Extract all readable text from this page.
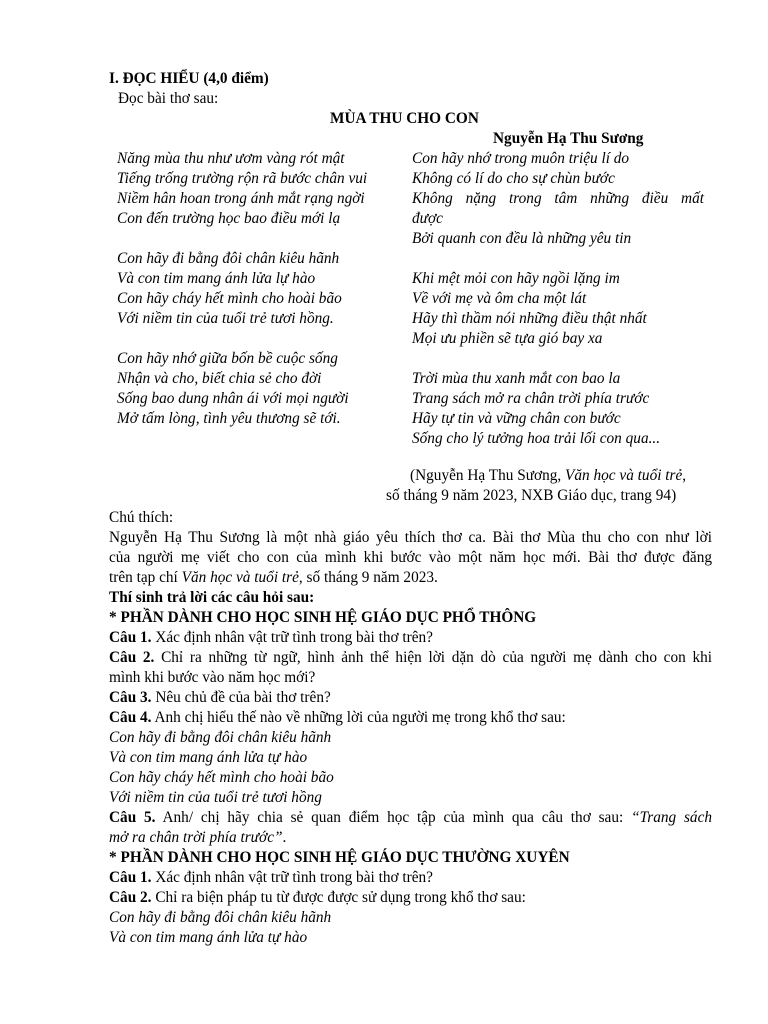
I. ĐỌC HIỂU (4,0 điểm)
Đọc bài thơ sau:
MÙA THU CHO CON
Nguyễn Hạ Thu Sương
Năng mùa thu như ươm vàng rót mật
Tiếng trống trường rộn rã bước chân vui
Niềm hân hoan trong ánh mắt rạng ngời
Con đến trường học bao điều mới lạ
Con hãy đi bằng đôi chân kiêu hãnh
Và con tim mang ánh lửa lự hào
Con hãy cháy hết mình cho hoài bão
Với niềm tin của tuổi trẻ tươi hồng.
Con hãy nhớ giữa bốn bề cuộc sống
Nhận và cho, biết chia sẻ cho đời
Sống bao dung nhân ái với mọi người
Mở tấm lòng, tình yêu thương sẽ tới.
Con hãy nhớ trong muôn triệu lí do
Không có lí do cho sự chùn bước
Không nặng trong tâm những điều mất
được
Bởi quanh con đều là những yêu tin
Khi mệt mỏi con hãy ngồi lặng im
Về với mẹ và ôm cha một lát
Hãy thì thầm nói những điều thật nhất
Mọi ưu phiền sẽ tựa gió bay xa
Trời mùa thu xanh mắt con bao la
Trang sách mở ra chân trời phía trước
Hãy tự tin và vững chân con bước
Sống cho lý tưởng hoa trải lối con qua...
(Nguyễn Hạ Thu Sương, Văn học và tuổi trẻ,
số tháng 9 năm 2023, NXB Giáo dục, trang 94)
Chú thích:
Nguyễn Hạ Thu Sương là một nhà giáo yêu thích thơ ca. Bài thơ Mùa thu cho con như lời
của người mẹ viết cho con của mình khi bước vào một năm học mới. Bài thơ được đăng
trên tạp chí Văn học và tuổi trẻ, số tháng 9 năm 2023.
Thí sinh trả lời các câu hỏi sau:
* PHẦN DÀNH CHO HỌC SINH HỆ GIÁO DỤC PHỔ THÔNG
Câu 1. Xác định nhân vật trữ tình trong bài thơ trên?
Câu 2. Chỉ ra những từ ngữ, hình ảnh thể hiện lời dặn dò của người mẹ dành cho con khi
mình khi bước vào năm học mới?
Câu 3. Nêu chủ đề của bài thơ trên?
Câu 4. Anh chị hiểu thế nào về những lời của người mẹ trong khổ thơ sau:
Con hãy đi bằng đôi chân kiêu hãnh
Và con tim mang ánh lửa tự hào
Con hãy cháy hết mình cho hoài bão
Với niềm tin của tuổi trẻ tươi hồng
Câu 5. Anh/ chị hãy chia sẻ quan điểm học tập của mình qua câu thơ sau: “Trang sách
mở ra chân trời phía trước”.
* PHẦN DÀNH CHO HỌC SINH HỆ GIÁO DỤC THƯỜNG XUYÊN
Câu 1. Xác định nhân vật trữ tình trong bài thơ trên?
Câu 2. Chỉ ra biện pháp tu từ được được sử dụng trong khổ thơ sau:
Con hãy đi bằng đôi chân kiêu hãnh
Và con tim mang ánh lửa tự hào
